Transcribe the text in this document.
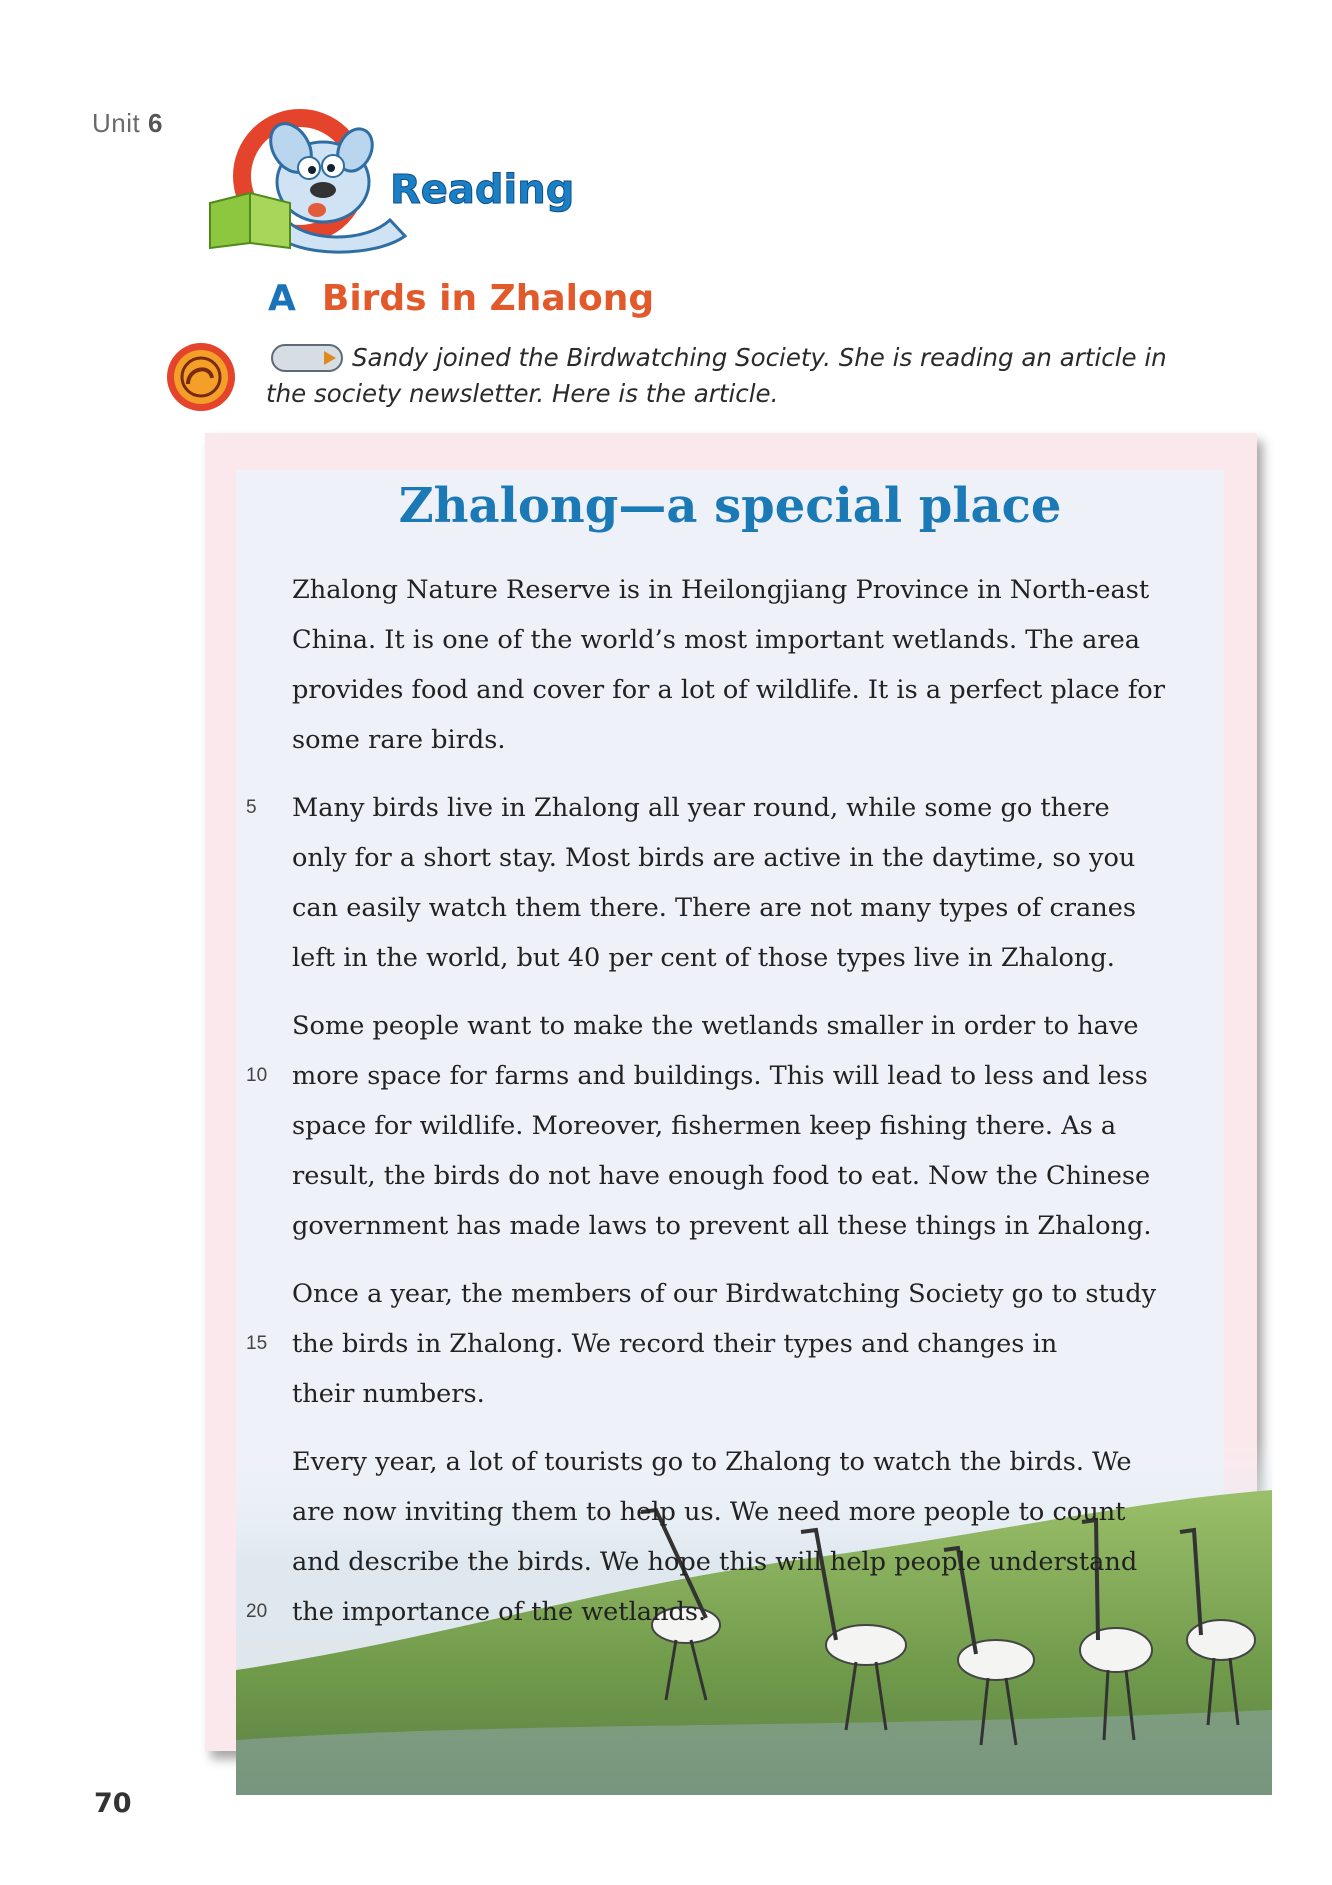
Unit 6
Reading
A Birds in Zhalong
Sandy joined the Birdwatching Society. She is reading an article in the society newsletter. Here is the article.
Zhalong—a special place
Zhalong Nature Reserve is in Heilongjiang Province in North-east
China. It is one of the world’s most important wetlands. The area
provides food and cover for a lot of wildlife. It is a perfect place for
some rare birds.
Many birds live in Zhalong all year round, while some go there
only for a short stay. Most birds are active in the daytime, so you
can easily watch them there. There are not many types of cranes
left in the world, but 40 per cent of those types live in Zhalong.
Some people want to make the wetlands smaller in order to have
more space for farms and buildings. This will lead to less and less
space for wildlife. Moreover, fishermen keep fishing there. As a
result, the birds do not have enough food to eat. Now the Chinese
government has made laws to prevent all these things in Zhalong.
Once a year, the members of our Birdwatching Society go to study
the birds in Zhalong. We record their types and changes in
their numbers.
Every year, a lot of tourists go to Zhalong to watch the birds. We
are now inviting them to help us. We need more people to count
and describe the birds. We hope this will help people understand
the importance of the wetlands.
5
10
15
20
70
